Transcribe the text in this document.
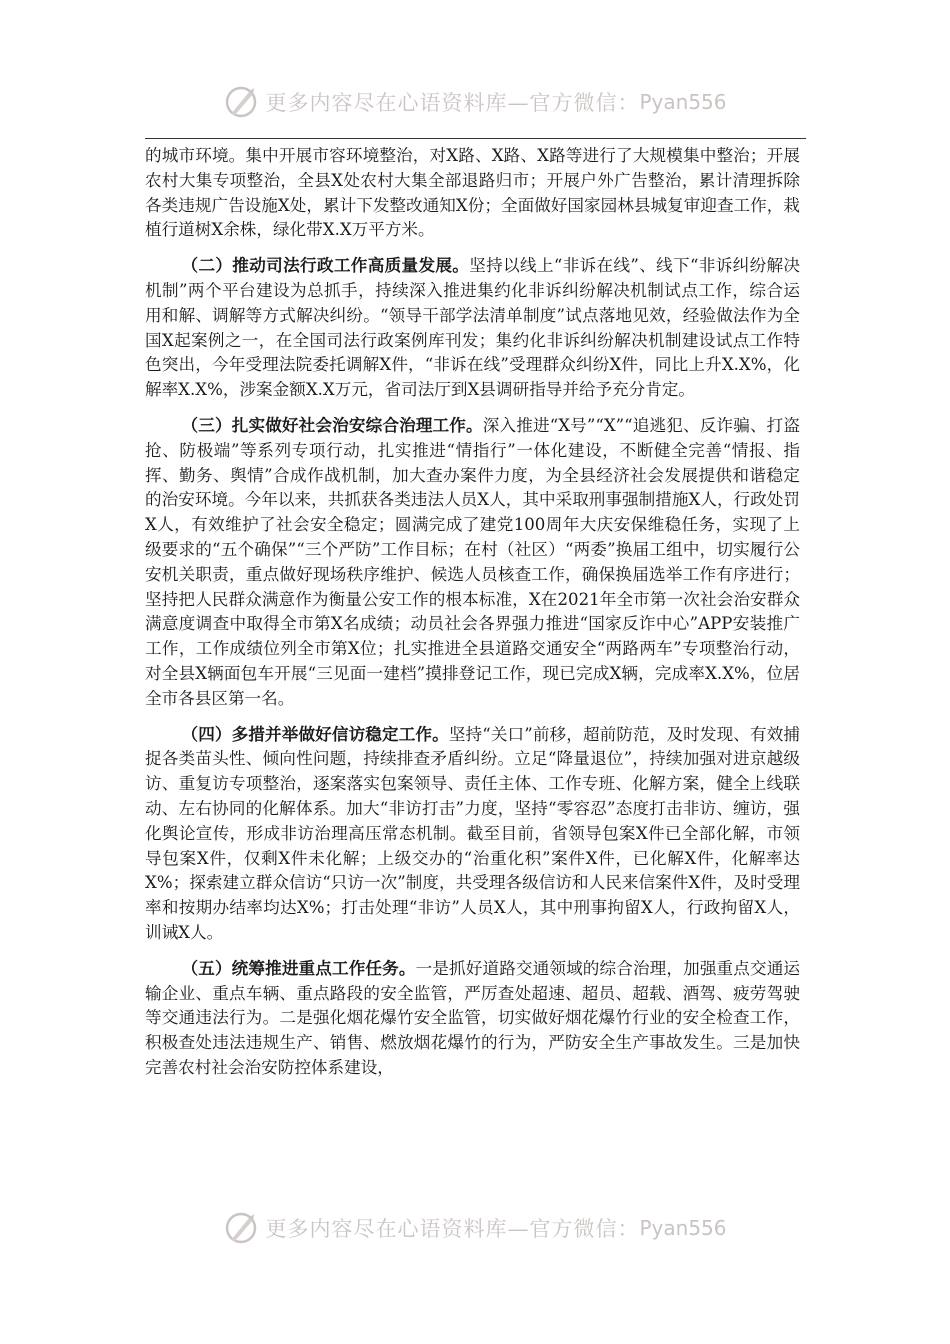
更多内容尽在心语资料库—官方微信： Pyan556

的城市环境。集中开展市容环境整治，对X路、X路、X路等进行了大规模集中整治；开展农村大集专项整治，全县X处农村大集全部退路归市；开展户外广告整治，累计清理拆除各类违规广告设施X处，累计下发整改通知X份；全面做好国家园林县城复审迎查工作，栽植行道树X余株，绿化带X.X万平方米。

（二）推动司法行政工作高质量发展。坚持以线上“非诉在线”、线下“非诉纠纷解决机制”两个平台建设为总抓手，持续深入推进集约化非诉纠纷解决机制试点工作，综合运用和解、调解等方式解决纠纷。“领导干部学法清单制度”试点落地见效，经验做法作为全国X起案例之一，在全国司法行政案例库刊发；集约化非诉纠纷解决机制建设试点工作特色突出，今年受理法院委托调解X件，“非诉在线”受理群众纠纷X件，同比上升X.X%，化解率X.X%，涉案金额X.X万元，省司法厅到X县调研指导并给予充分肯定。

（三）扎实做好社会治安综合治理工作。深入推进“X号”“X”“追逃犯、反诈骗、打盗抢、防极端”等系列专项行动，扎实推进“情指行”一体化建设，不断健全完善“情报、指挥、勤务、舆情”合成作战机制，加大查办案件力度，为全县经济社会发展提供和谐稳定的治安环境。今年以来，共抓获各类违法人员X人，其中采取刑事强制措施X人，行政处罚X人，有效维护了社会安全稳定；圆满完成了建党100周年大庆安保维稳任务，实现了上级要求的“五个确保”“三个严防”工作目标；在村（社区）“两委”换届工组中，切实履行公安机关职责，重点做好现场秩序维护、候选人员核查工作，确保换届选举工作有序进行；坚持把人民群众满意作为衡量公安工作的根本标准，X在2021年全市第一次社会治安群众满意度调查中取得全市第X名成绩；动员社会各界强力推进“国家反诈中心”APP安装推广工作，工作成绩位列全市第X位；扎实推进全县道路交通安全“两路两车”专项整治行动，对全县X辆面包车开展“三见面一建档”摸排登记工作，现已完成X辆，完成率X.X%，位居全市各县区第一名。

（四）多措并举做好信访稳定工作。坚持“关口”前移，超前防范，及时发现、有效捕捉各类苗头性、倾向性问题，持续排查矛盾纠纷。立足“降量退位”，持续加强对进京越级访、重复访专项整治，逐案落实包案领导、责任主体、工作专班、化解方案，健全上线联动、左右协同的化解体系。加大“非访打击”力度，坚持“零容忍”态度打击非访、缠访，强化舆论宣传，形成非访治理高压常态机制。截至目前，省领导包案X件已全部化解，市领导包案X件，仅剩X件未化解；上级交办的“治重化积”案件X件，已化解X件，化解率达X%；探索建立群众信访“只访一次”制度，共受理各级信访和人民来信案件X件，及时受理率和按期办结率均达X%；打击处理“非访”人员X人，其中刑事拘留X人，行政拘留X人，训诫X人。

（五）统筹推进重点工作任务。一是抓好道路交通领域的综合治理，加强重点交通运输企业、重点车辆、重点路段的安全监管，严厉查处超速、超员、超载、酒驾、疲劳驾驶等交通违法行为。二是强化烟花爆竹安全监管，切实做好烟花爆竹行业的安全检查工作，积极查处违法违规生产、销售、燃放烟花爆竹的行为，严防安全生产事故发生。三是加快完善农村社会治安防控体系建设，

更多内容尽在心语资料库—官方微信： Pyan556
